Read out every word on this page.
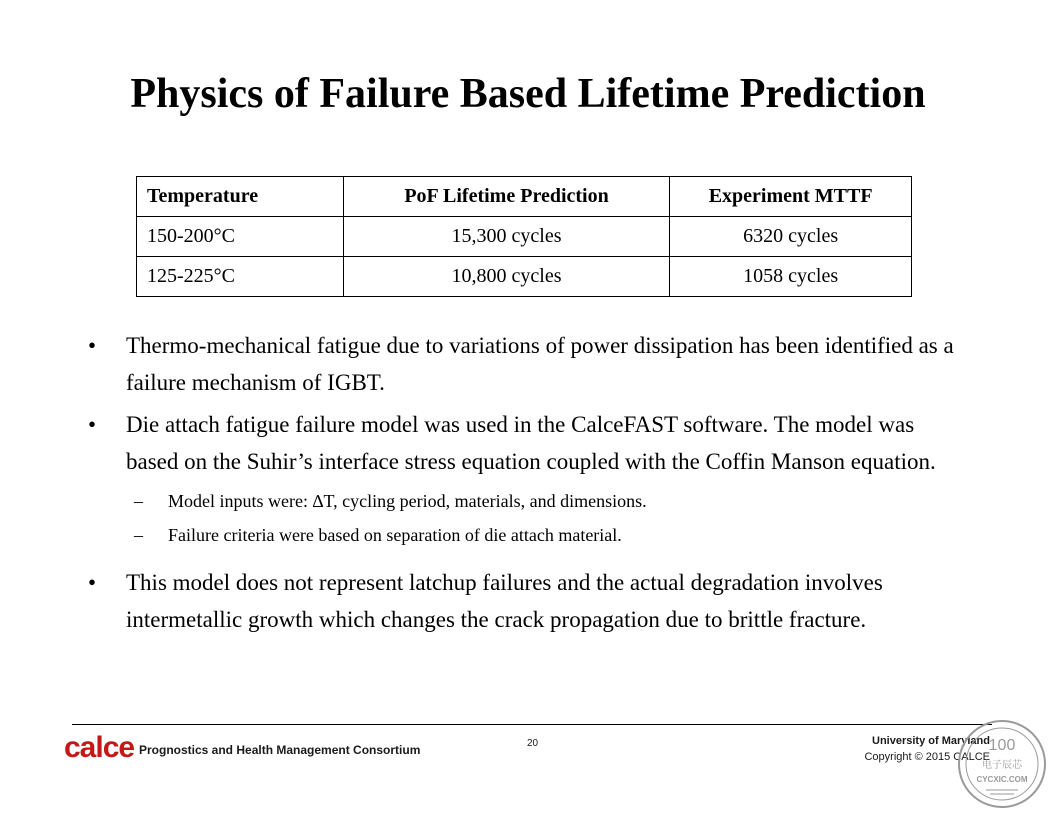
Physics of Failure Based Lifetime Prediction
Temperature	PoF Lifetime Prediction	Experiment MTTF
150-200°C	15,300 cycles	6320 cycles
125-225°C	10,800 cycles	1058 cycles
• Thermo-mechanical fatigue due to variations of power dissipation has been identified as a failure mechanism of IGBT.
• Die attach fatigue failure model was used in the CalceFAST software. The model was based on the Suhir’s interface stress equation coupled with the Coffin Manson equation.
– Model inputs were: ∆T, cycling period, materials, and dimensions.
– Failure criteria were based on separation of die attach material.
• This model does not represent latchup failures and the actual degradation involves intermetallic growth which changes the crack propagation due to brittle fracture.
calce Prognostics and Health Management Consortium	20	University of Maryland
Copyright © 2015 CALCE
100
电子辰芯
CYCXIC.COM
